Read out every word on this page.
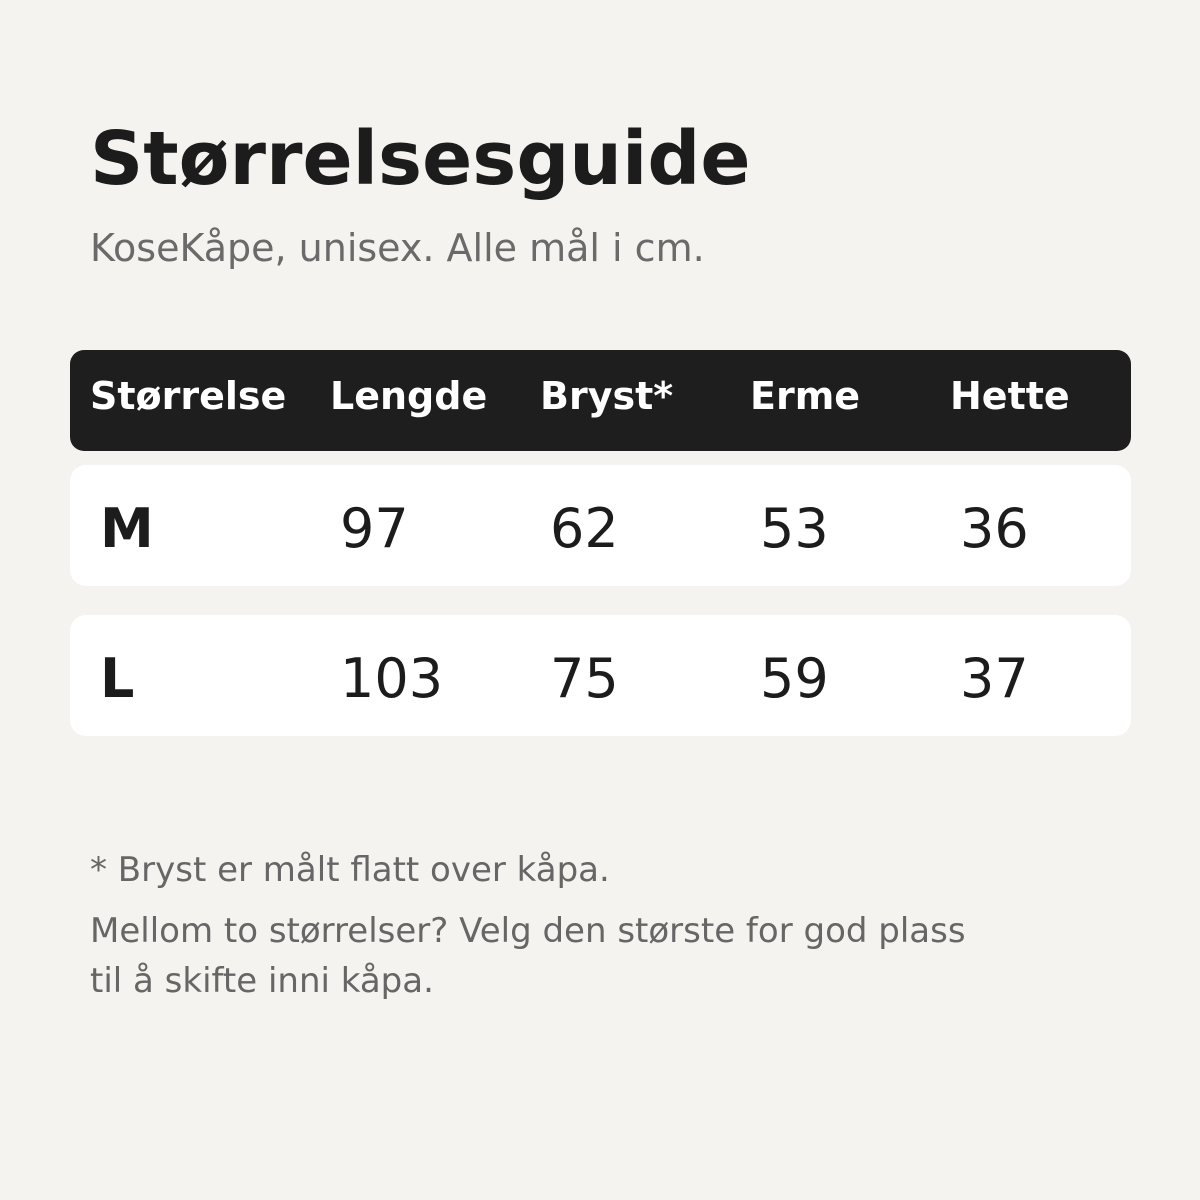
Størrelsesguide

KoseKåpe, unisex. Alle mål i cm.

Størrelse Lengde Bryst* Erme Hette
M	97	62	53 36
L	103 75	59 37

* Bryst er målt flatt over kåpa.

Mellom to størrelser? Velg den største for god plass til å skifte inni kåpa.
